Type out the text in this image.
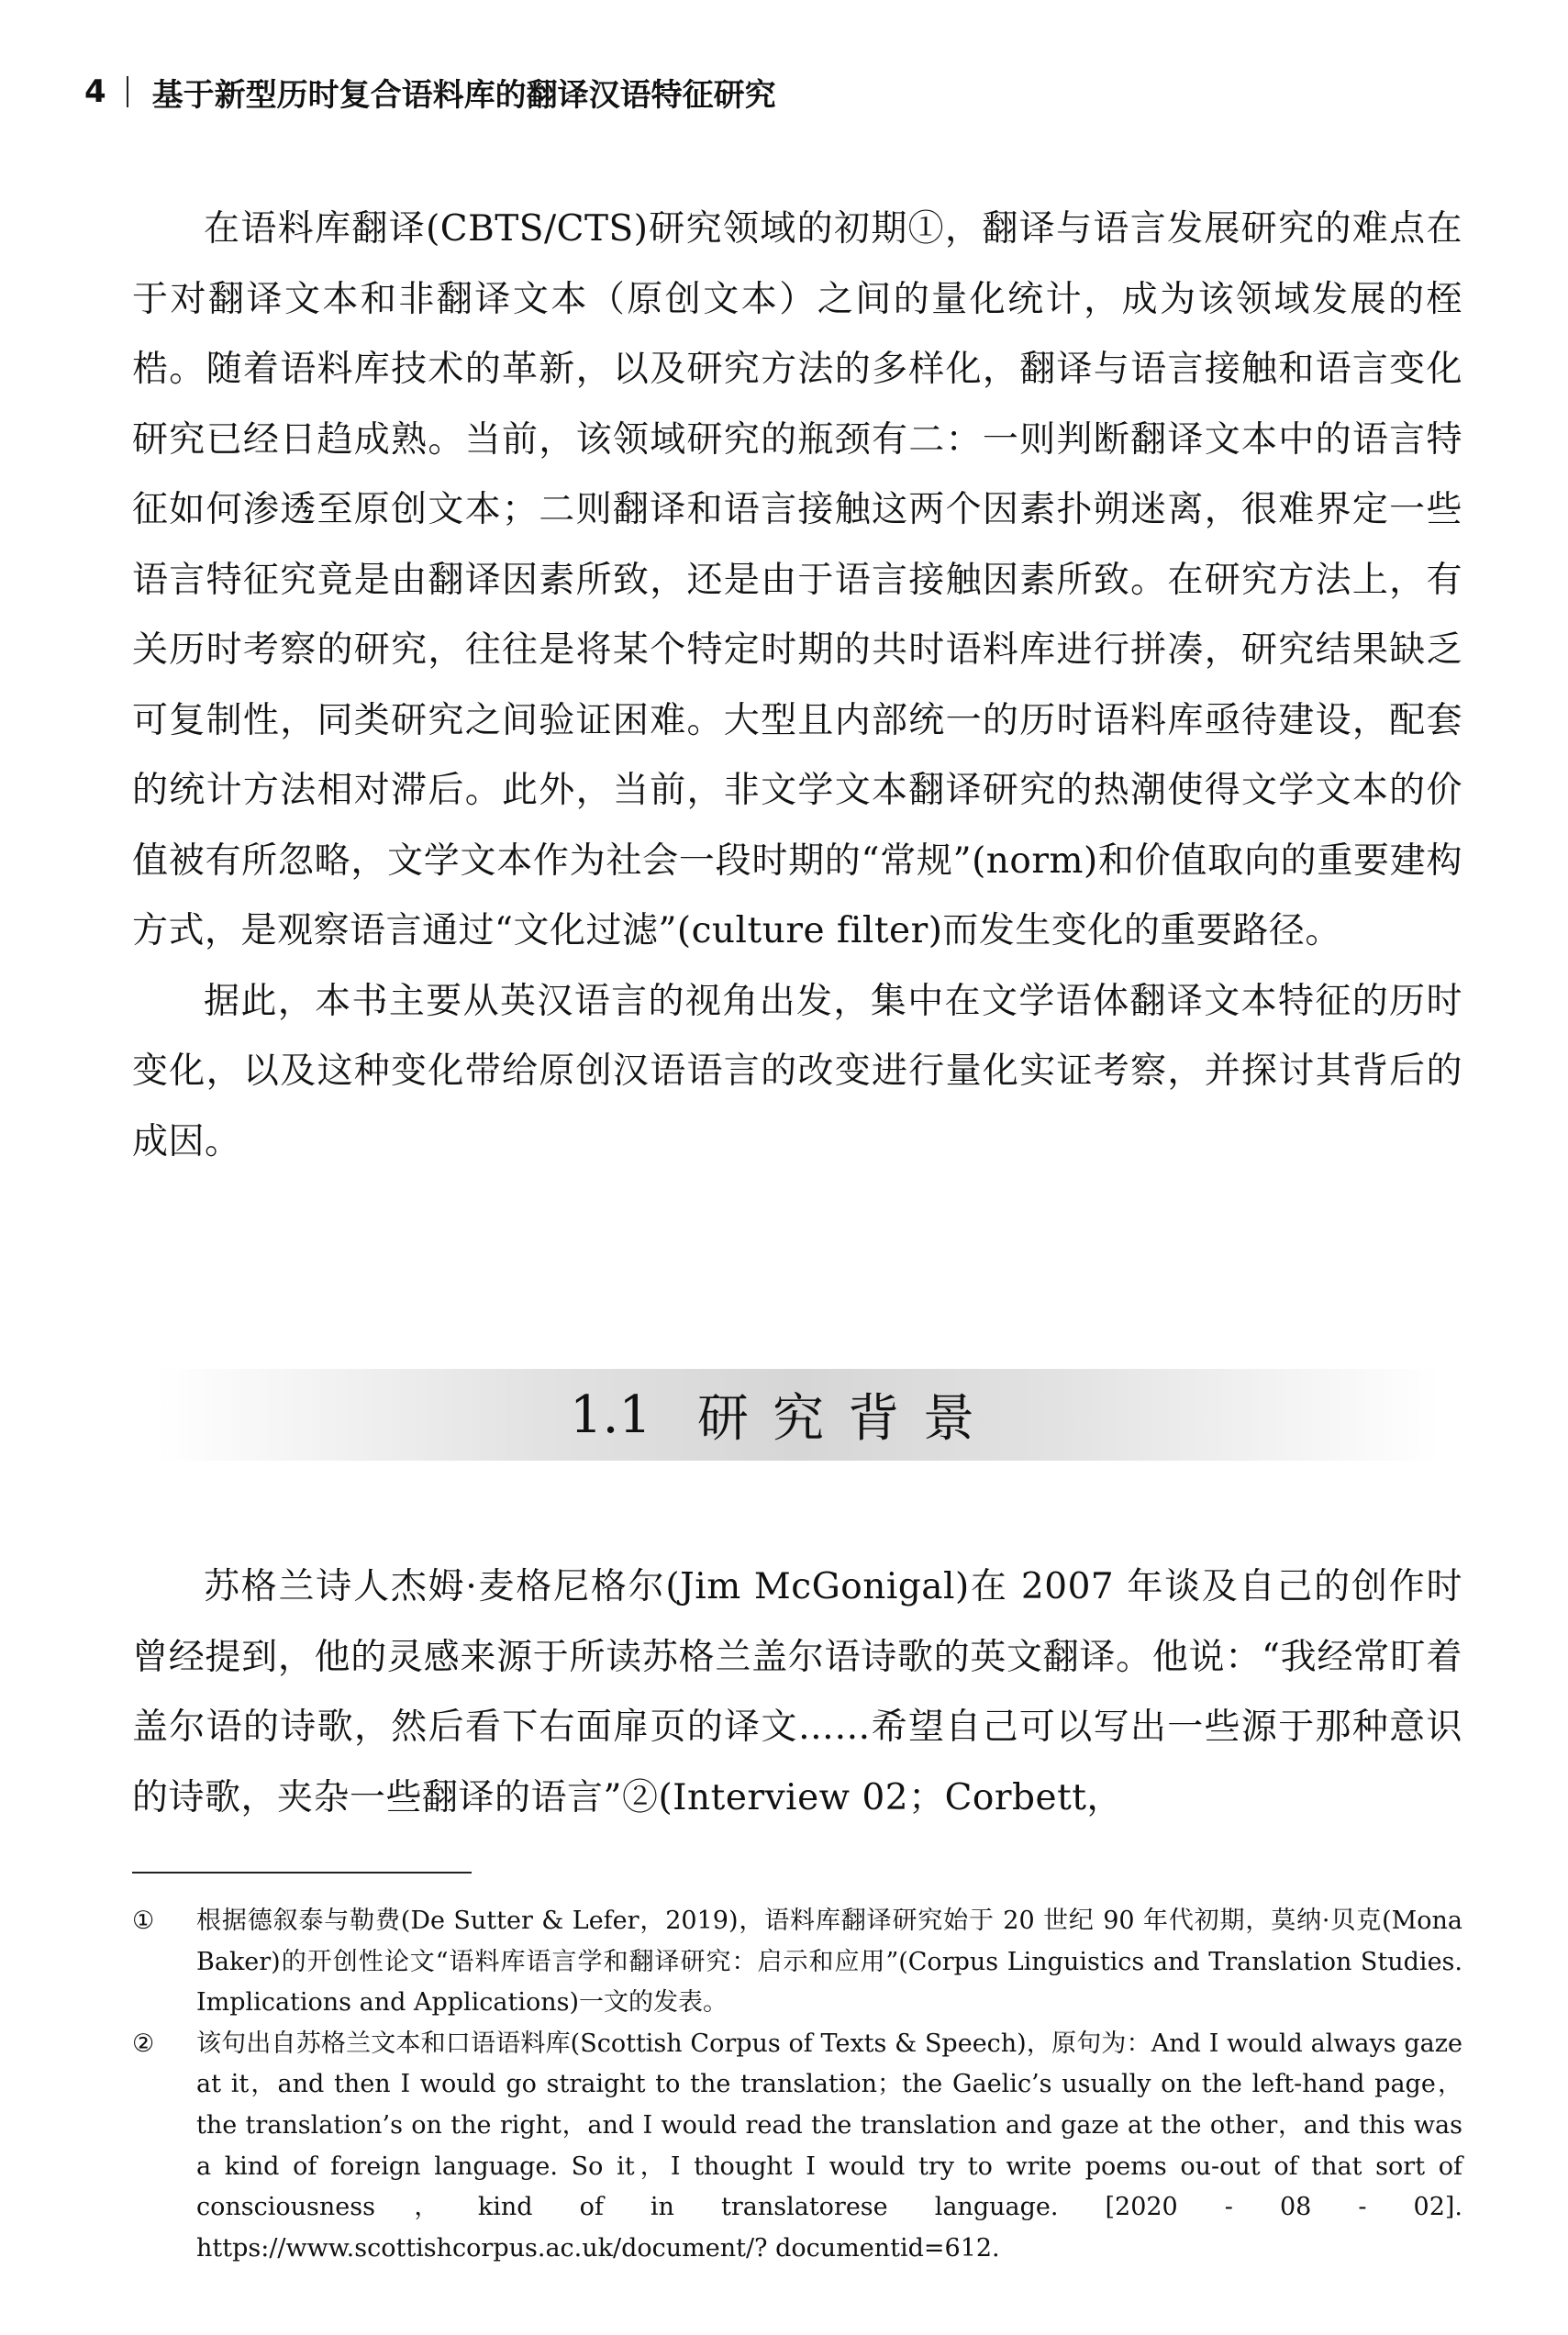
4 基于新型历时复合语料库的翻译汉语特征研究

在语料库翻译(CBTS/CTS)研究领域的初期①，翻译与语言发展研究的难点在于对翻译文本和非翻译文本（原创文本）之间的量化统计，成为该领域发展的桎梏。随着语料库技术的革新，以及研究方法的多样化，翻译与语言接触和语言变化研究已经日趋成熟。当前，该领域研究的瓶颈有二：一则判断翻译文本中的语言特征如何渗透至原创文本；二则翻译和语言接触这两个因素扑朔迷离，很难界定一些语言特征究竟是由翻译因素所致，还是由于语言接触因素所致。在研究方法上，有关历时考察的研究，往往是将某个特定时期的共时语料库进行拼凑，研究结果缺乏可复制性，同类研究之间验证困难。大型且内部统一的历时语料库亟待建设，配套的统计方法相对滞后。此外，当前，非文学文本翻译研究的热潮使得文学文本的价值被有所忽略，文学文本作为社会一段时期的“常规”(norm)和价值取向的重要建构方式，是观察语言通过“文化过滤”(culture filter)而发生变化的重要路径。

据此，本书主要从英汉语言的视角出发，集中在文学语体翻译文本特征的历时变化，以及这种变化带给原创汉语语言的改变进行量化实证考察，并探讨其背后的成因。

1.1 研究背景

苏格兰诗人杰姆·麦格尼格尔(Jim McGonigal)在 2007 年谈及自己的创作时曾经提到，他的灵感来源于所读苏格兰盖尔语诗歌的英文翻译。他说：“我经常盯着盖尔语的诗歌，然后看下右面扉页的译文……希望自己可以写出一些源于那种意识的诗歌，夹杂一些翻译的语言”②(Interview 02；Corbett，

①	根据德叙泰与勒费(De Sutter & Lefer，2019)，语料库翻译研究始于 20 世纪 90 年代初期，莫纳·贝克(Mona Baker)的开创性论文“语料库语言学和翻译研究：启示和应用”(Corpus Linguistics and Translation Studies. Implications and Applications)一文的发表。
②	该句出自苏格兰文本和口语语料库(Scottish Corpus of Texts & Speech)，原句为：And I would always gaze at it，and then I would go straight to the translation；the Gaelic’s usually on the left-hand page，the translation’s on the right，and I would read the translation and gaze at the other，and this was a kind of foreign language. So it，I thought I would try to write poems ou-out of that sort of consciousness，kind of in translatorese language. [2020 - 08 - 02]. https://www.scottishcorpus.ac.uk/document/? documentid=612.
